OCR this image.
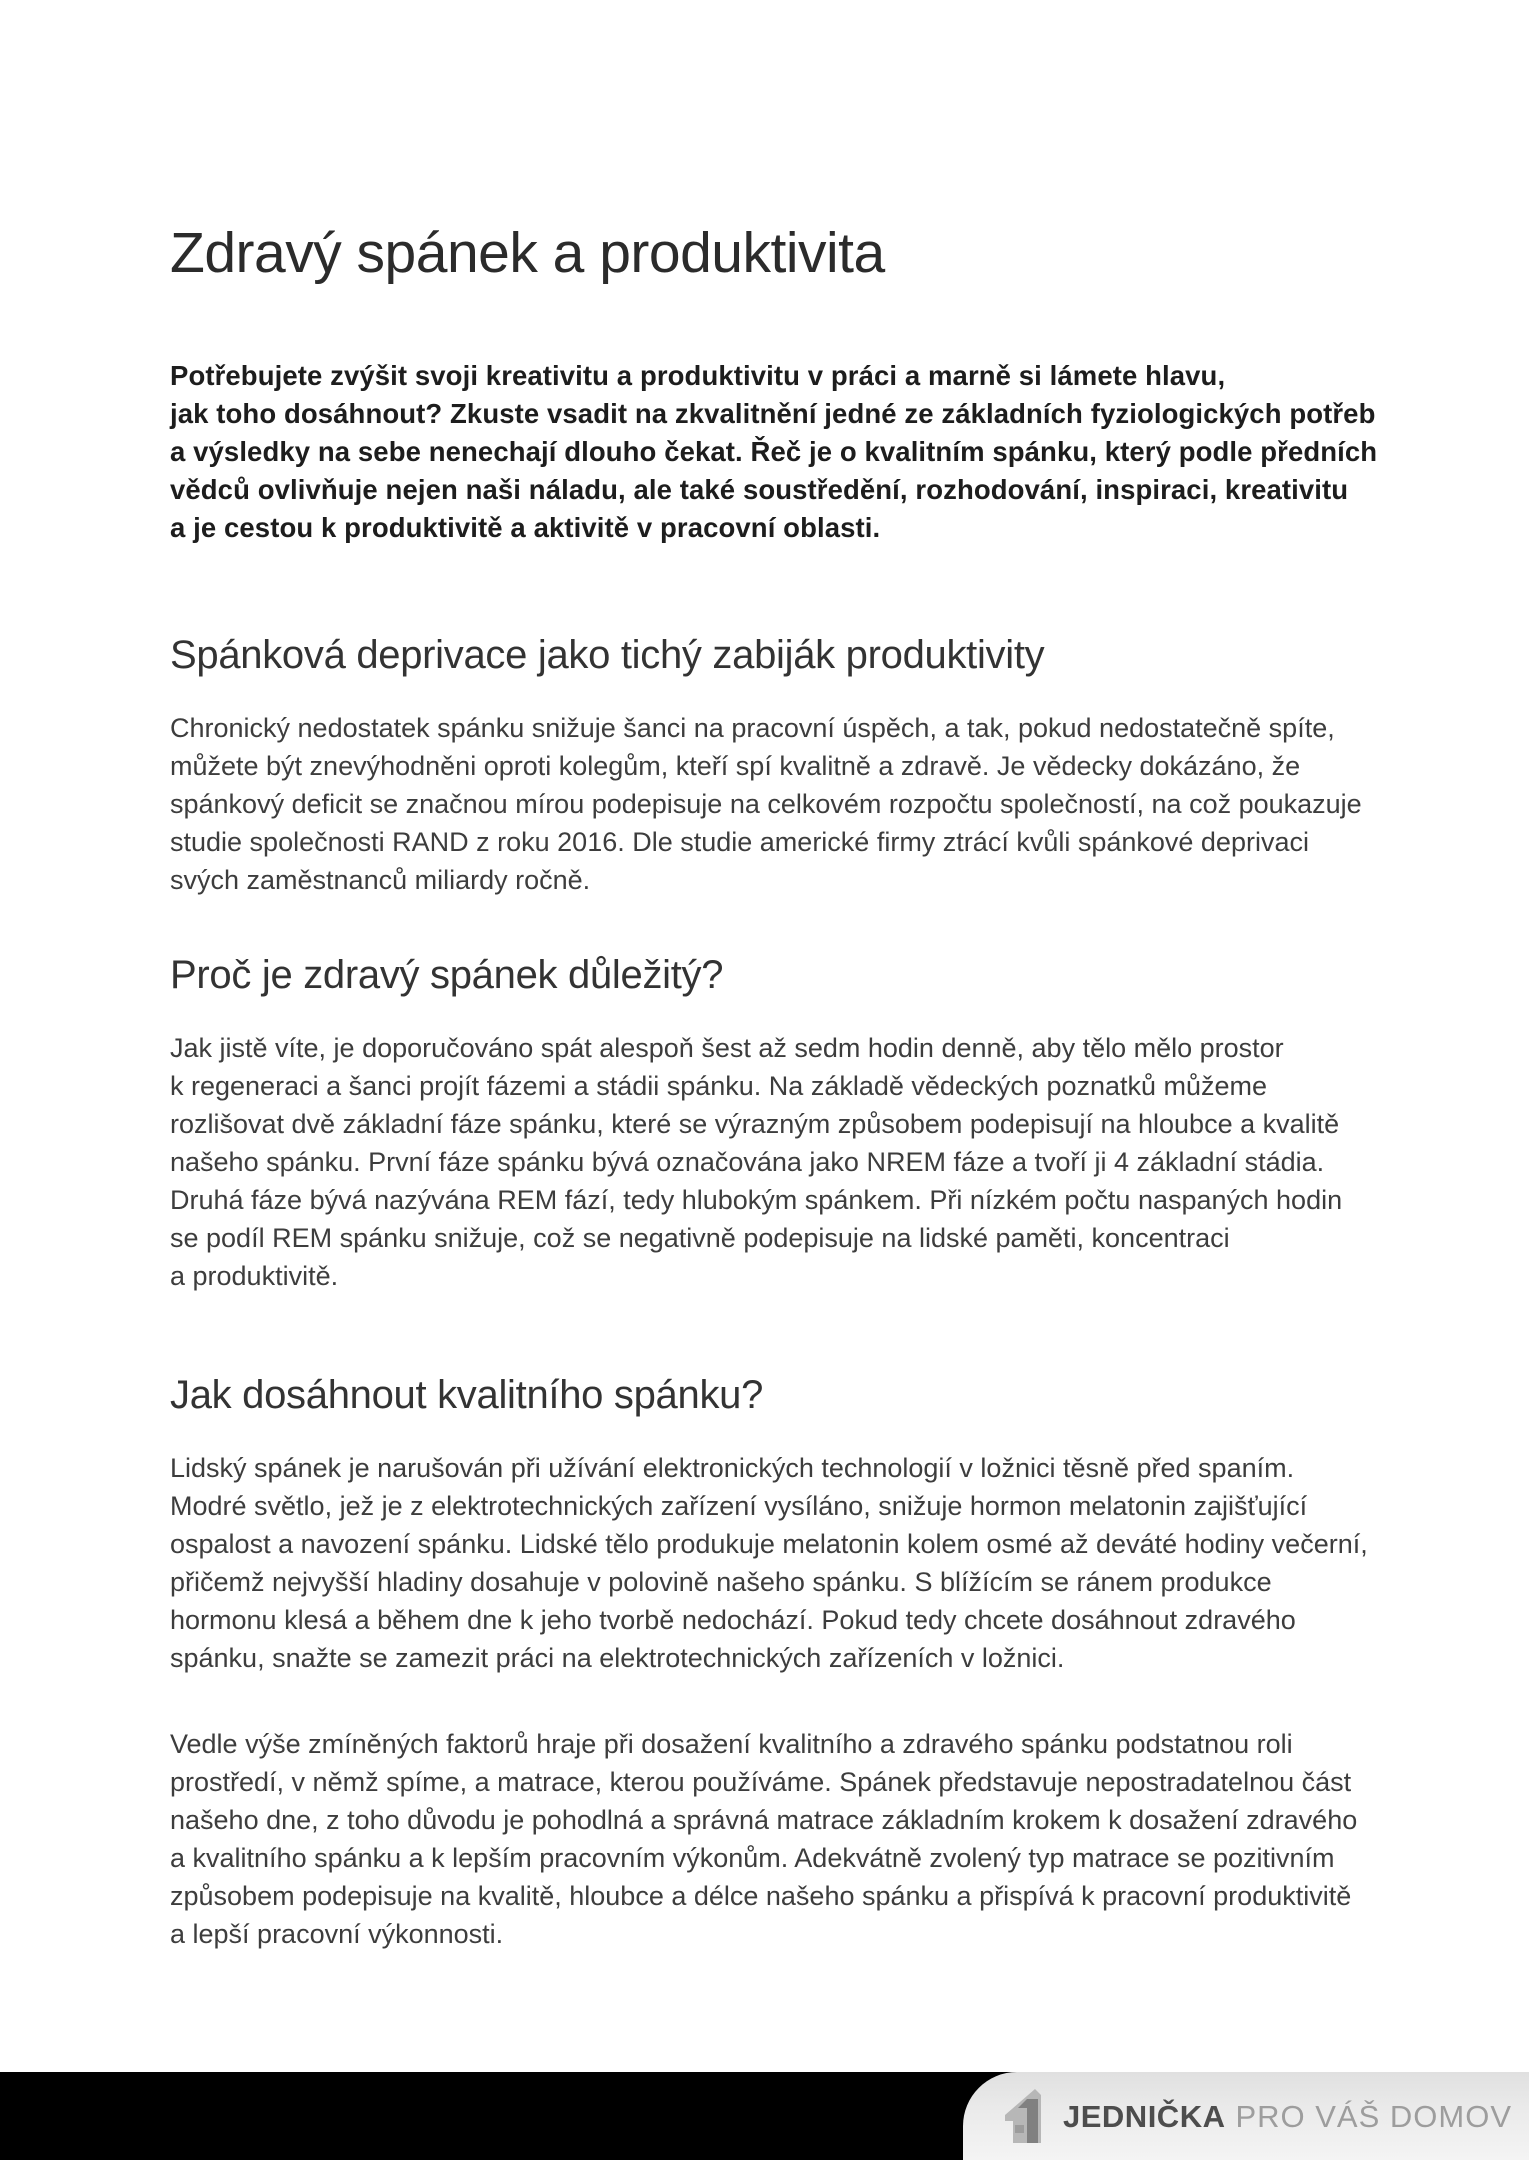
Zdravý spánek a produktivita

Potřebujete zvýšit svoji kreativitu a produktivitu v práci a marně si lámete hlavu,
jak toho dosáhnout? Zkuste vsadit na zkvalitnění jedné ze základních fyziologických potřeb
a výsledky na sebe nenechají dlouho čekat. Řeč je o kvalitním spánku, který podle předních
vědců ovlivňuje nejen naši náladu, ale také soustředění, rozhodování, inspiraci, kreativitu
a je cestou k produktivitě a aktivitě v pracovní oblasti.

Spánková deprivace jako tichý zabiják produktivity

Chronický nedostatek spánku snižuje šanci na pracovní úspěch, a tak, pokud nedostatečně spíte,
můžete být znevýhodněni oproti kolegům, kteří spí kvalitně a zdravě. Je vědecky dokázáno, že
spánkový deficit se značnou mírou podepisuje na celkovém rozpočtu společností, na což poukazuje
studie společnosti RAND z roku 2016. Dle studie americké firmy ztrácí kvůli spánkové deprivaci
svých zaměstnanců miliardy ročně.

Proč je zdravý spánek důležitý?

Jak jistě víte, je doporučováno spát alespoň šest až sedm hodin denně, aby tělo mělo prostor
k regeneraci a šanci projít fázemi a stádii spánku. Na základě vědeckých poznatků můžeme
rozlišovat dvě základní fáze spánku, které se výrazným způsobem podepisují na hloubce a kvalitě
našeho spánku. První fáze spánku bývá označována jako NREM fáze a tvoří ji 4 základní stádia.
Druhá fáze bývá nazývána REM fází, tedy hlubokým spánkem. Při nízkém počtu naspaných hodin
se podíl REM spánku snižuje, což se negativně podepisuje na lidské paměti, koncentraci
a produktivitě.

Jak dosáhnout kvalitního spánku?

Lidský spánek je narušován při užívání elektronických technologií v ložnici těsně před spaním.
Modré světlo, jež je z elektrotechnických zařízení vysíláno, snižuje hormon melatonin zajišťující
ospalost a navození spánku. Lidské tělo produkuje melatonin kolem osmé až deváté hodiny večerní,
přičemž nejvyšší hladiny dosahuje v polovině našeho spánku. S blížícím se ránem produkce
hormonu klesá a během dne k jeho tvorbě nedochází. Pokud tedy chcete dosáhnout zdravého
spánku, snažte se zamezit práci na elektrotechnických zařízeních v ložnici.

Vedle výše zmíněných faktorů hraje při dosažení kvalitního a zdravého spánku podstatnou roli
prostředí, v němž spíme, a matrace, kterou používáme. Spánek představuje nepostradatelnou část
našeho dne, z toho důvodu je pohodlná a správná matrace základním krokem k dosažení zdravého
a kvalitního spánku a k lepším pracovním výkonům. Adekvátně zvolený typ matrace se pozitivním
způsobem podepisuje na kvalitě, hloubce a délce našeho spánku a přispívá k pracovní produktivitě
a lepší pracovní výkonnosti.

JEDNIČKA PRO VÁŠ DOMOV
